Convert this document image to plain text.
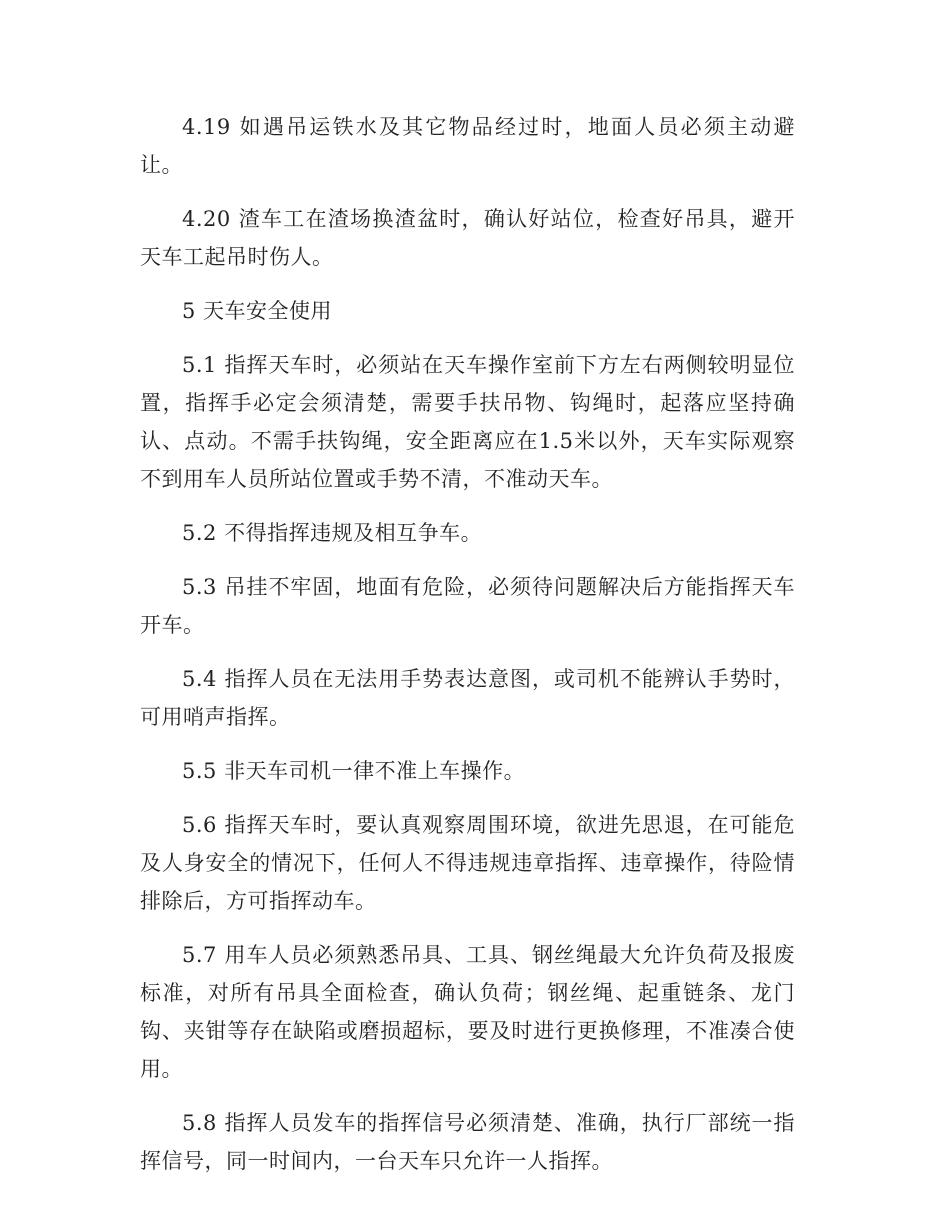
4.19 如遇吊运铁水及其它物品经过时，地面人员必须主动避让。

4.20 渣车工在渣场换渣盆时，确认好站位，检查好吊具，避开天车工起吊时伤人。

5 天车安全使用

5.1 指挥天车时，必须站在天车操作室前下方左右两侧较明显位置，指挥手必定会须清楚，需要手扶吊物、钩绳时，起落应坚持确认、点动。不需手扶钩绳，安全距离应在1.5米以外，天车实际观察不到用车人员所站位置或手势不清，不准动天车。

5.2 不得指挥违规及相互争车。

5.3 吊挂不牢固，地面有危险，必须待问题解决后方能指挥天车开车。

5.4 指挥人员在无法用手势表达意图，或司机不能辨认手势时，可用哨声指挥。

5.5 非天车司机一律不准上车操作。

5.6 指挥天车时，要认真观察周围环境，欲进先思退，在可能危及人身安全的情况下，任何人不得违规违章指挥、违章操作，待险情排除后，方可指挥动车。

5.7 用车人员必须熟悉吊具、工具、钢丝绳最大允许负荷及报废标准，对所有吊具全面检查，确认负荷；钢丝绳、起重链条、龙门钩、夹钳等存在缺陷或磨损超标，要及时进行更换修理，不准凑合使用。

5.8 指挥人员发车的指挥信号必须清楚、准确，执行厂部统一指挥信号，同一时间内，一台天车只允许一人指挥。
